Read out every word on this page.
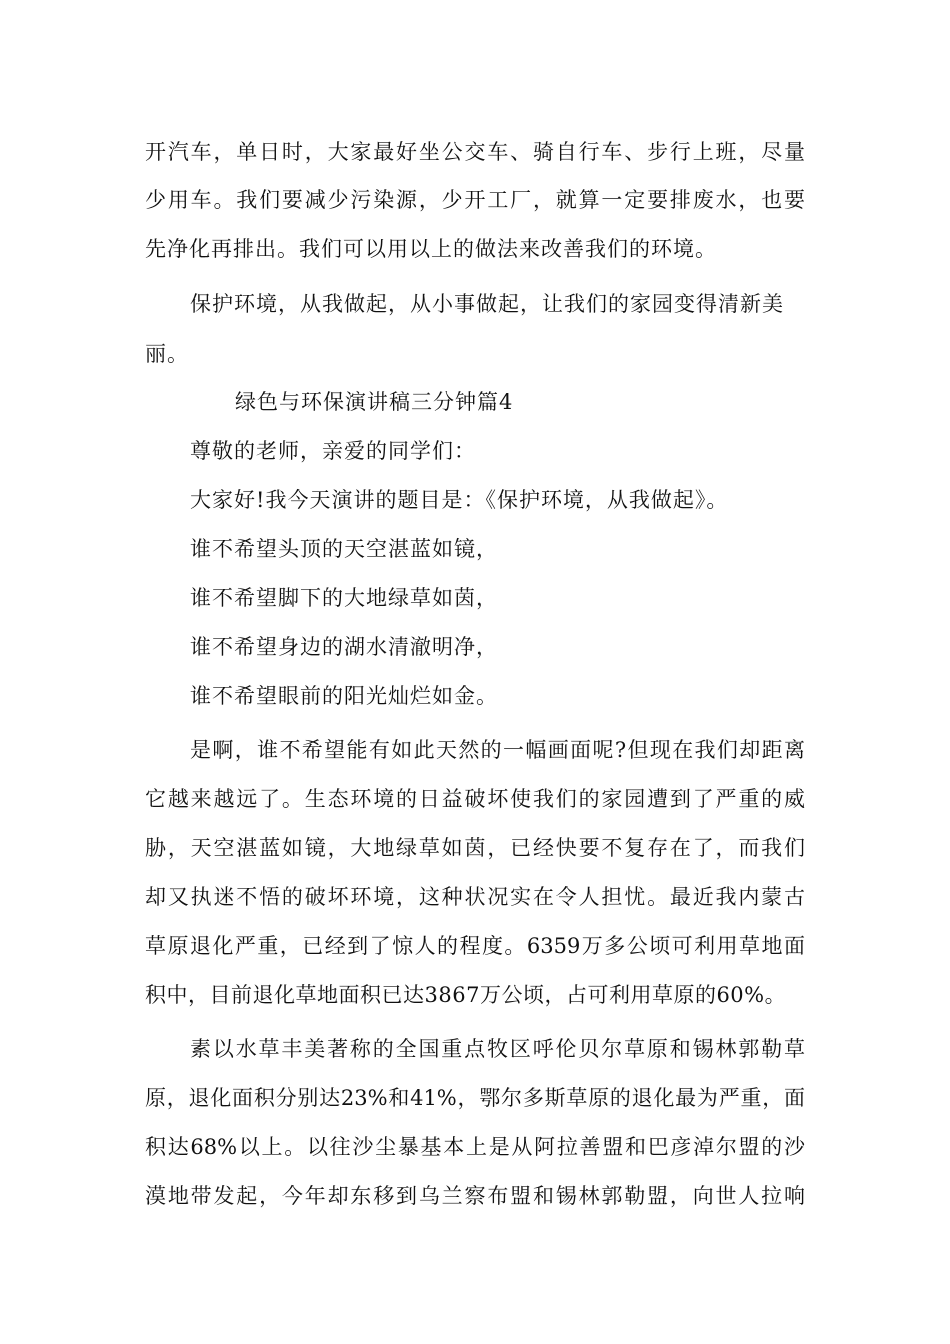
开汽车，单日时，大家最好坐公交车、骑自行车、步行上班，尽量
少用车。我们要减少污染源，少开工厂，就算一定要排废水，也要
先净化再排出。我们可以用以上的做法来改善我们的环境。
保护环境，从我做起，从小事做起，让我们的家园变得清新美
丽。
绿色与环保演讲稿三分钟篇4
尊敬的老师，亲爱的同学们：
大家好!我今天演讲的题目是：《保护环境，从我做起》。
谁不希望头顶的天空湛蓝如镜，
谁不希望脚下的大地绿草如茵，
谁不希望身边的湖水清澈明净，
谁不希望眼前的阳光灿烂如金。
是啊，谁不希望能有如此天然的一幅画面呢?但现在我们却距离
它越来越远了。生态环境的日益破坏使我们的家园遭到了严重的威
胁，天空湛蓝如镜，大地绿草如茵，已经快要不复存在了，而我们
却又执迷不悟的破坏环境，这种状况实在令人担忧。最近我内蒙古
草原退化严重，已经到了惊人的程度。6359万多公顷可利用草地面
积中，目前退化草地面积已达3867万公顷，占可利用草原的60%。
素以水草丰美著称的全国重点牧区呼伦贝尔草原和锡林郭勒草
原，退化面积分别达23%和41%，鄂尔多斯草原的退化最为严重，面
积达68%以上。以往沙尘暴基本上是从阿拉善盟和巴彦淖尔盟的沙
漠地带发起，今年却东移到乌兰察布盟和锡林郭勒盟，向世人拉响
